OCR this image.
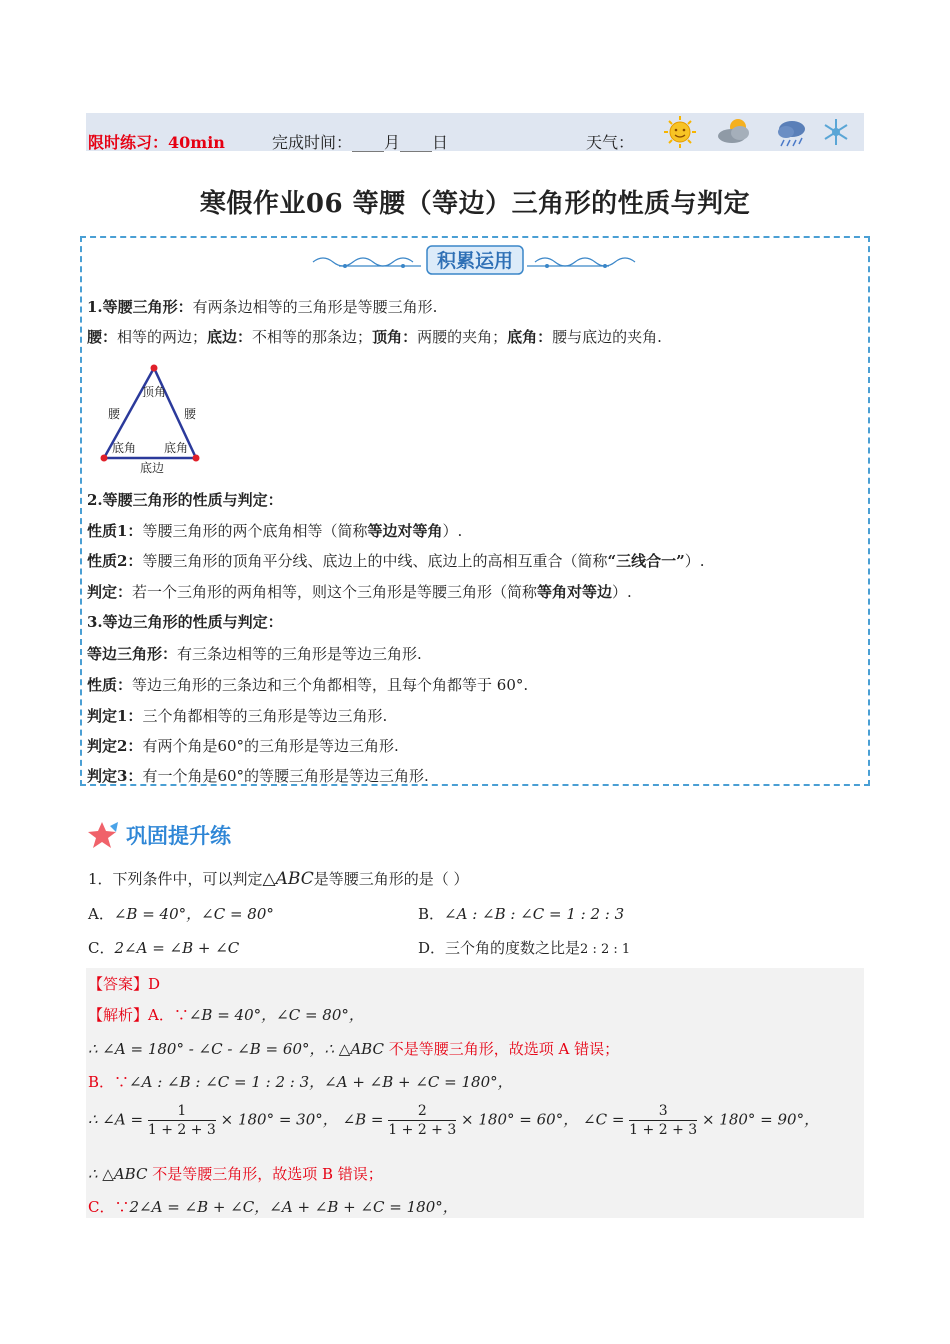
限时练习：40min	完成时间：____月____日	天气：
寒假作业06 等腰（等边）三角形的性质与判定
积累运用
1.等腰三角形：有两条边相等的三角形是等腰三角形.
腰：相等的两边；底边：不相等的那条边；顶角：两腰的夹角；底角：腰与底边的夹角.
顶角
腰	腰
底角 底角
底边
2.等腰三角形的性质与判定：
性质1：等腰三角形的两个底角相等（简称等边对等角）.
性质2：等腰三角形的顶角平分线、底边上的中线、底边上的高相互重合（简称“三线合一”）.
判定：若一个三角形的两角相等，则这个三角形是等腰三角形（简称等角对等边）.
3.等边三角形的性质与判定：
等边三角形：有三条边相等的三角形是等边三角形.
性质：等边三角形的三条边和三个角都相等，且每个角都等于 60°.
判定1：三个角都相等的三角形是等边三角形.
判定2：有两个角是60°的三角形是等边三角形.
判定3：有一个角是60°的等腰三角形是等边三角形.
巩固提升练
1．下列条件中，可以判定△ABC是等腰三角形的是（ ）
A．∠B = 40°，∠C = 80°	B．∠A : ∠B : ∠C = 1 : 2 : 3
C．2∠A = ∠B + ∠C	D．三个角的度数之比是2 : 2 : 1
【答案】D
【解析】A．∵∠B = 40°，∠C = 80°，
∴ ∠A = 180° - ∠C - ∠B = 60°，∴ △ABC 不是等腰三角形，故选项 A 错误；
B．∵∠A : ∠B : ∠C = 1 : 2 : 3，∠A + ∠B + ∠C = 180°，
∴ ∠A = $\frac{1}{1 + 2 + 3} \times 180^\circ = 30^\circ$， ∠B = $\frac{2}{1 + 2 + 3} \times 180^\circ = 60^\circ$， ∠C = $\frac{3}{1 + 2 + 3} \times 180^\circ = 90^\circ$，
∴ △ABC 不是等腰三角形，故选项 B 错误；
C．∵2∠A = ∠B + ∠C，∠A + ∠B + ∠C = 180°，
